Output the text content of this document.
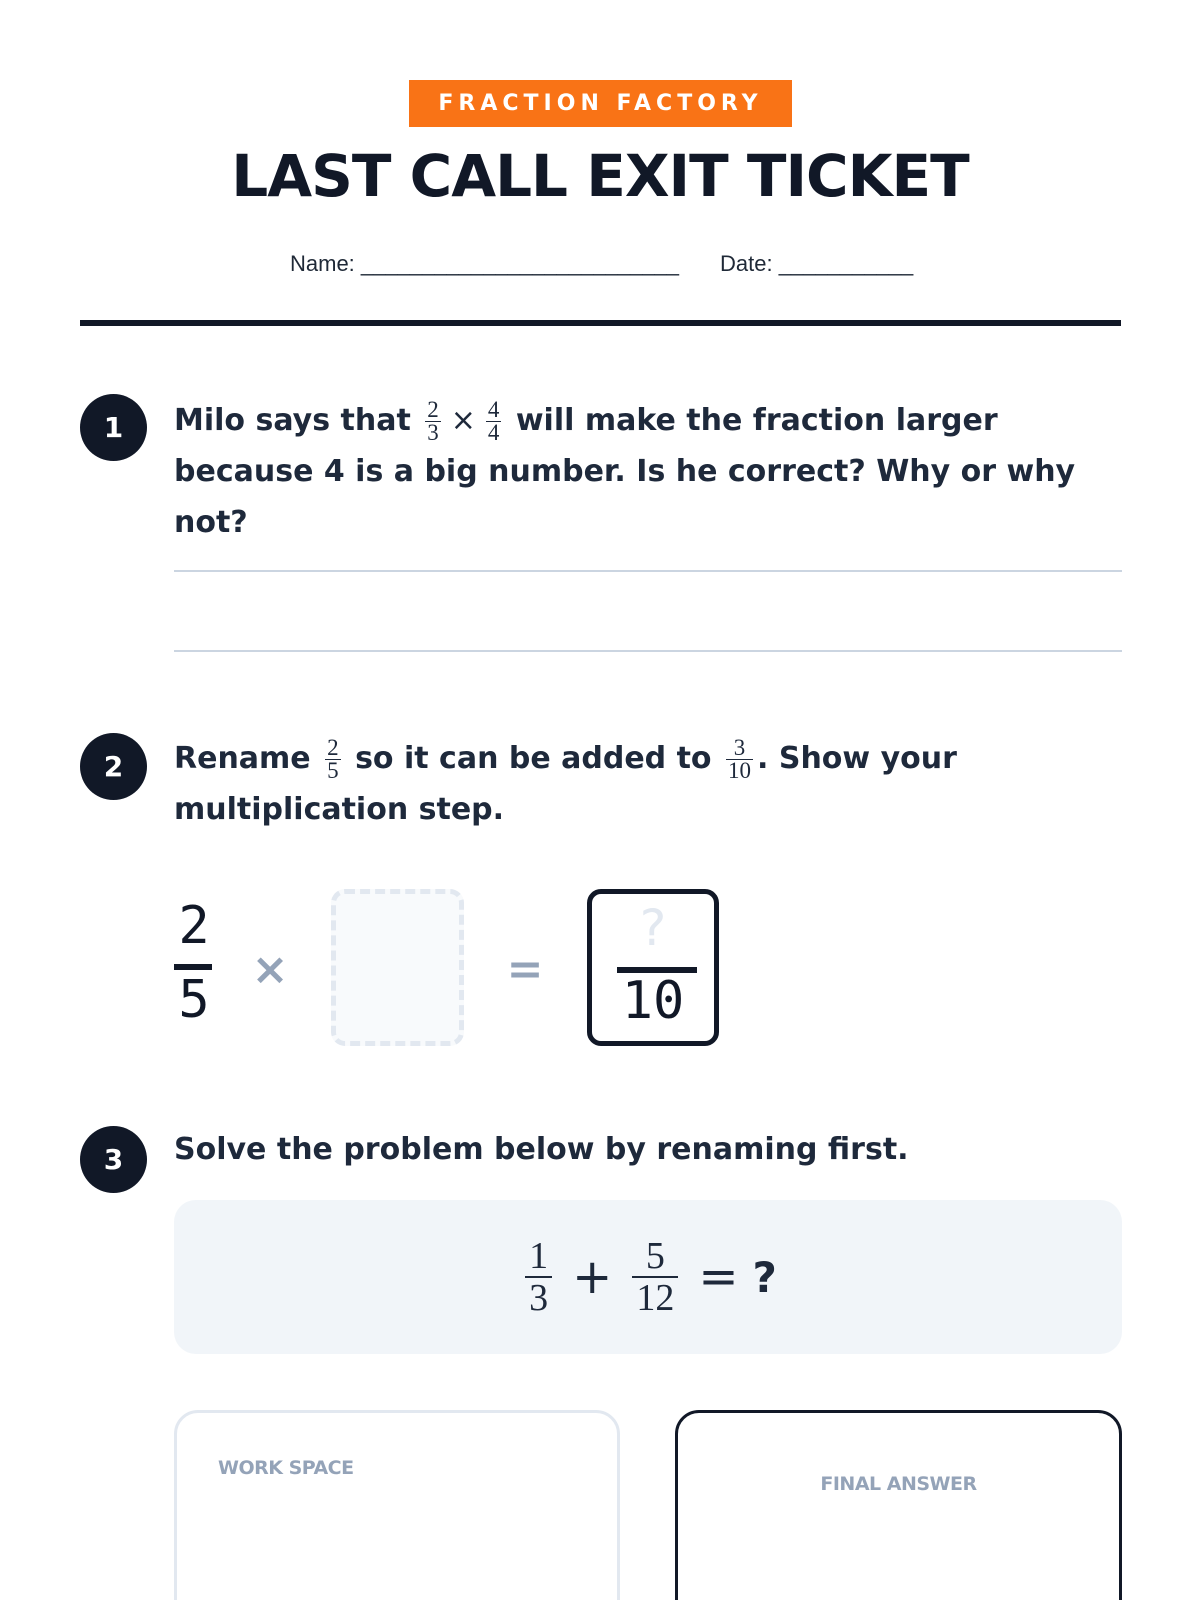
FRACTION FACTORY
LAST CALL EXIT TICKET
Name: __________________________ Date: ___________
1	Milo says that $\frac{2}{3} \times \frac{4}{4}$ will make the fraction larger
because 4 is a big number. Is he correct? Why or why not?
2	Rename $\frac{2}{5}$ so it can be added to $\frac{3}{10}$ . Show your
multiplication step.
2
5
×	=
?
10
3	Solve the problem below by renaming first.
$\frac{1}{3} + \frac{5}{12}$ = ?
WORK SPACE
FINAL ANSWER
